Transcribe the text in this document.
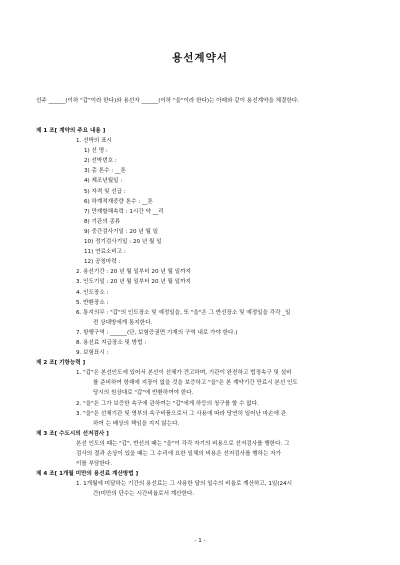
용선계약서
선주 ______(이하 "갑"이라 한다)와 용선자 ______(이하 "을"이라 한다)는 아래와 같이 용선계약을 체결한다.
제 1 조[ 계약의 주요 내용 ]
1. 선박의 표시
1) 선 명 :
2) 선박번호 :
3) 총 톤수 : __톤
4) 제조년월일 :
5) 자격 및 선급 :
6) 하계적재중량 톤수 : __톤
7) 만재할해속력 : 1시간 약 __리
8) 기관의 종류
9) 중간검사기일 : 20 년 월 일
10) 정기검사기일 : 20 년 월 일
11) 연료소비고 :
12) 공칭마력 :
2. 용선기간 : 20 년 월 일부터 20 년 월 일까지
3. 인도기일 : 20 년 월 일부터 20 년 월 일까지
4. 인도장소 :
5. 반환장소 :
6. 통지의무 : "갑"의 인도장소 및 예정일을, 또 "을"은 그 반선장소 및 예정일을 각각 _일
전 상대방에게 통지한다.
7. 항행구역 : ______(단, 보험증권면 기재의 구역 내로 가야 한다.)
8. 용선료 지급장소 및 방법 :
9. 보험표시 :
제 2 조[ 기항능력 ]
1. "갑"은 본선인도에 있어서 본선이 선체가 견고하며, 기관이 완전하고 법정속구 및 설비
를 준비하여 항해에 지장이 없을 것을 보증하고 "을"은 본 계약기간 만료시 본선 인도
당시의 원상대로 "갑"에 반환하여야 한다.
2. "을"은 그가 보증한 속구에 관하여는 "갑"에게 하등의 청구를 할 수 없다.
3. "을"은 선체기관 및 명부의 속구비품으로서 그 사용에 따라 당연히 일어난 마손에 관
하여 는 배상의 책임을 지지 않는다.
제 3 조[ 수도시의 선저검사 ]
본선 인도의 때는 "갑", 반선의 때는 "을"이 각각 자기의 비용으로 선저검사를 행한다. 그
검사의 결과 손상이 있을 때는 그 수리에 요한 일체의 비용은 선저검사를 행하는 자가
이를 부담한다.
제 4 조[ 1개월 미만의 용선료 계산방법 ]
1. 1개월에 미달하는 기간의 용선료는 그 사용한 달의 일수의 비율로 계산하고, 1일(24시
간)미만의 단수는 시간비율로서 계산한다.
- 1 -
